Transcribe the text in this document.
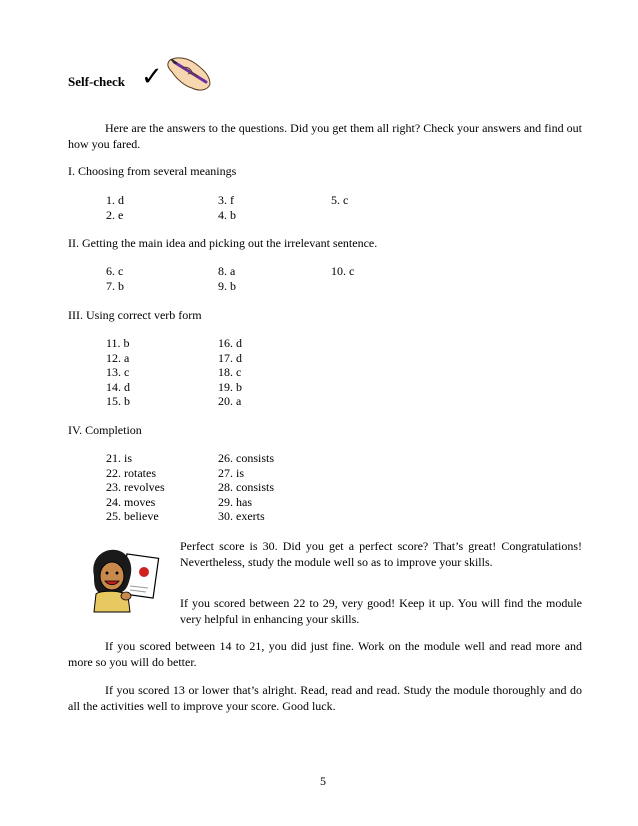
Self-check ✓
Here are the answers to the questions. Did you get them all right? Check your answers and find out how you fared.
I. Choosing from several meanings
1. d
2. e
3. f
4. b
5. c
II. Getting the main idea and picking out the irrelevant sentence.
6. c
7. b
8. a
9. b
10. c
III. Using correct verb form
11. b
12. a
13. c
14. d
15. b
16. d
17. d
18. c
19. b
20. a
IV. Completion
21. is
22. rotates
23. revolves
24. moves
25. believe
26. consists
27. is
28. consists
29. has
30. exerts
Perfect score is 30. Did you get a perfect score? That’s great! Congratulations! Nevertheless, study the module well so as to improve your skills.
If you scored between 22 to 29, very good! Keep it up. You will find the module very helpful in enhancing your skills.
If you scored between 14 to 21, you did just fine. Work on the module well and read more and more so you will do better.
If you scored 13 or lower that’s alright. Read, read and read. Study the module thoroughly and do all the activities well to improve your score. Good luck.
5
